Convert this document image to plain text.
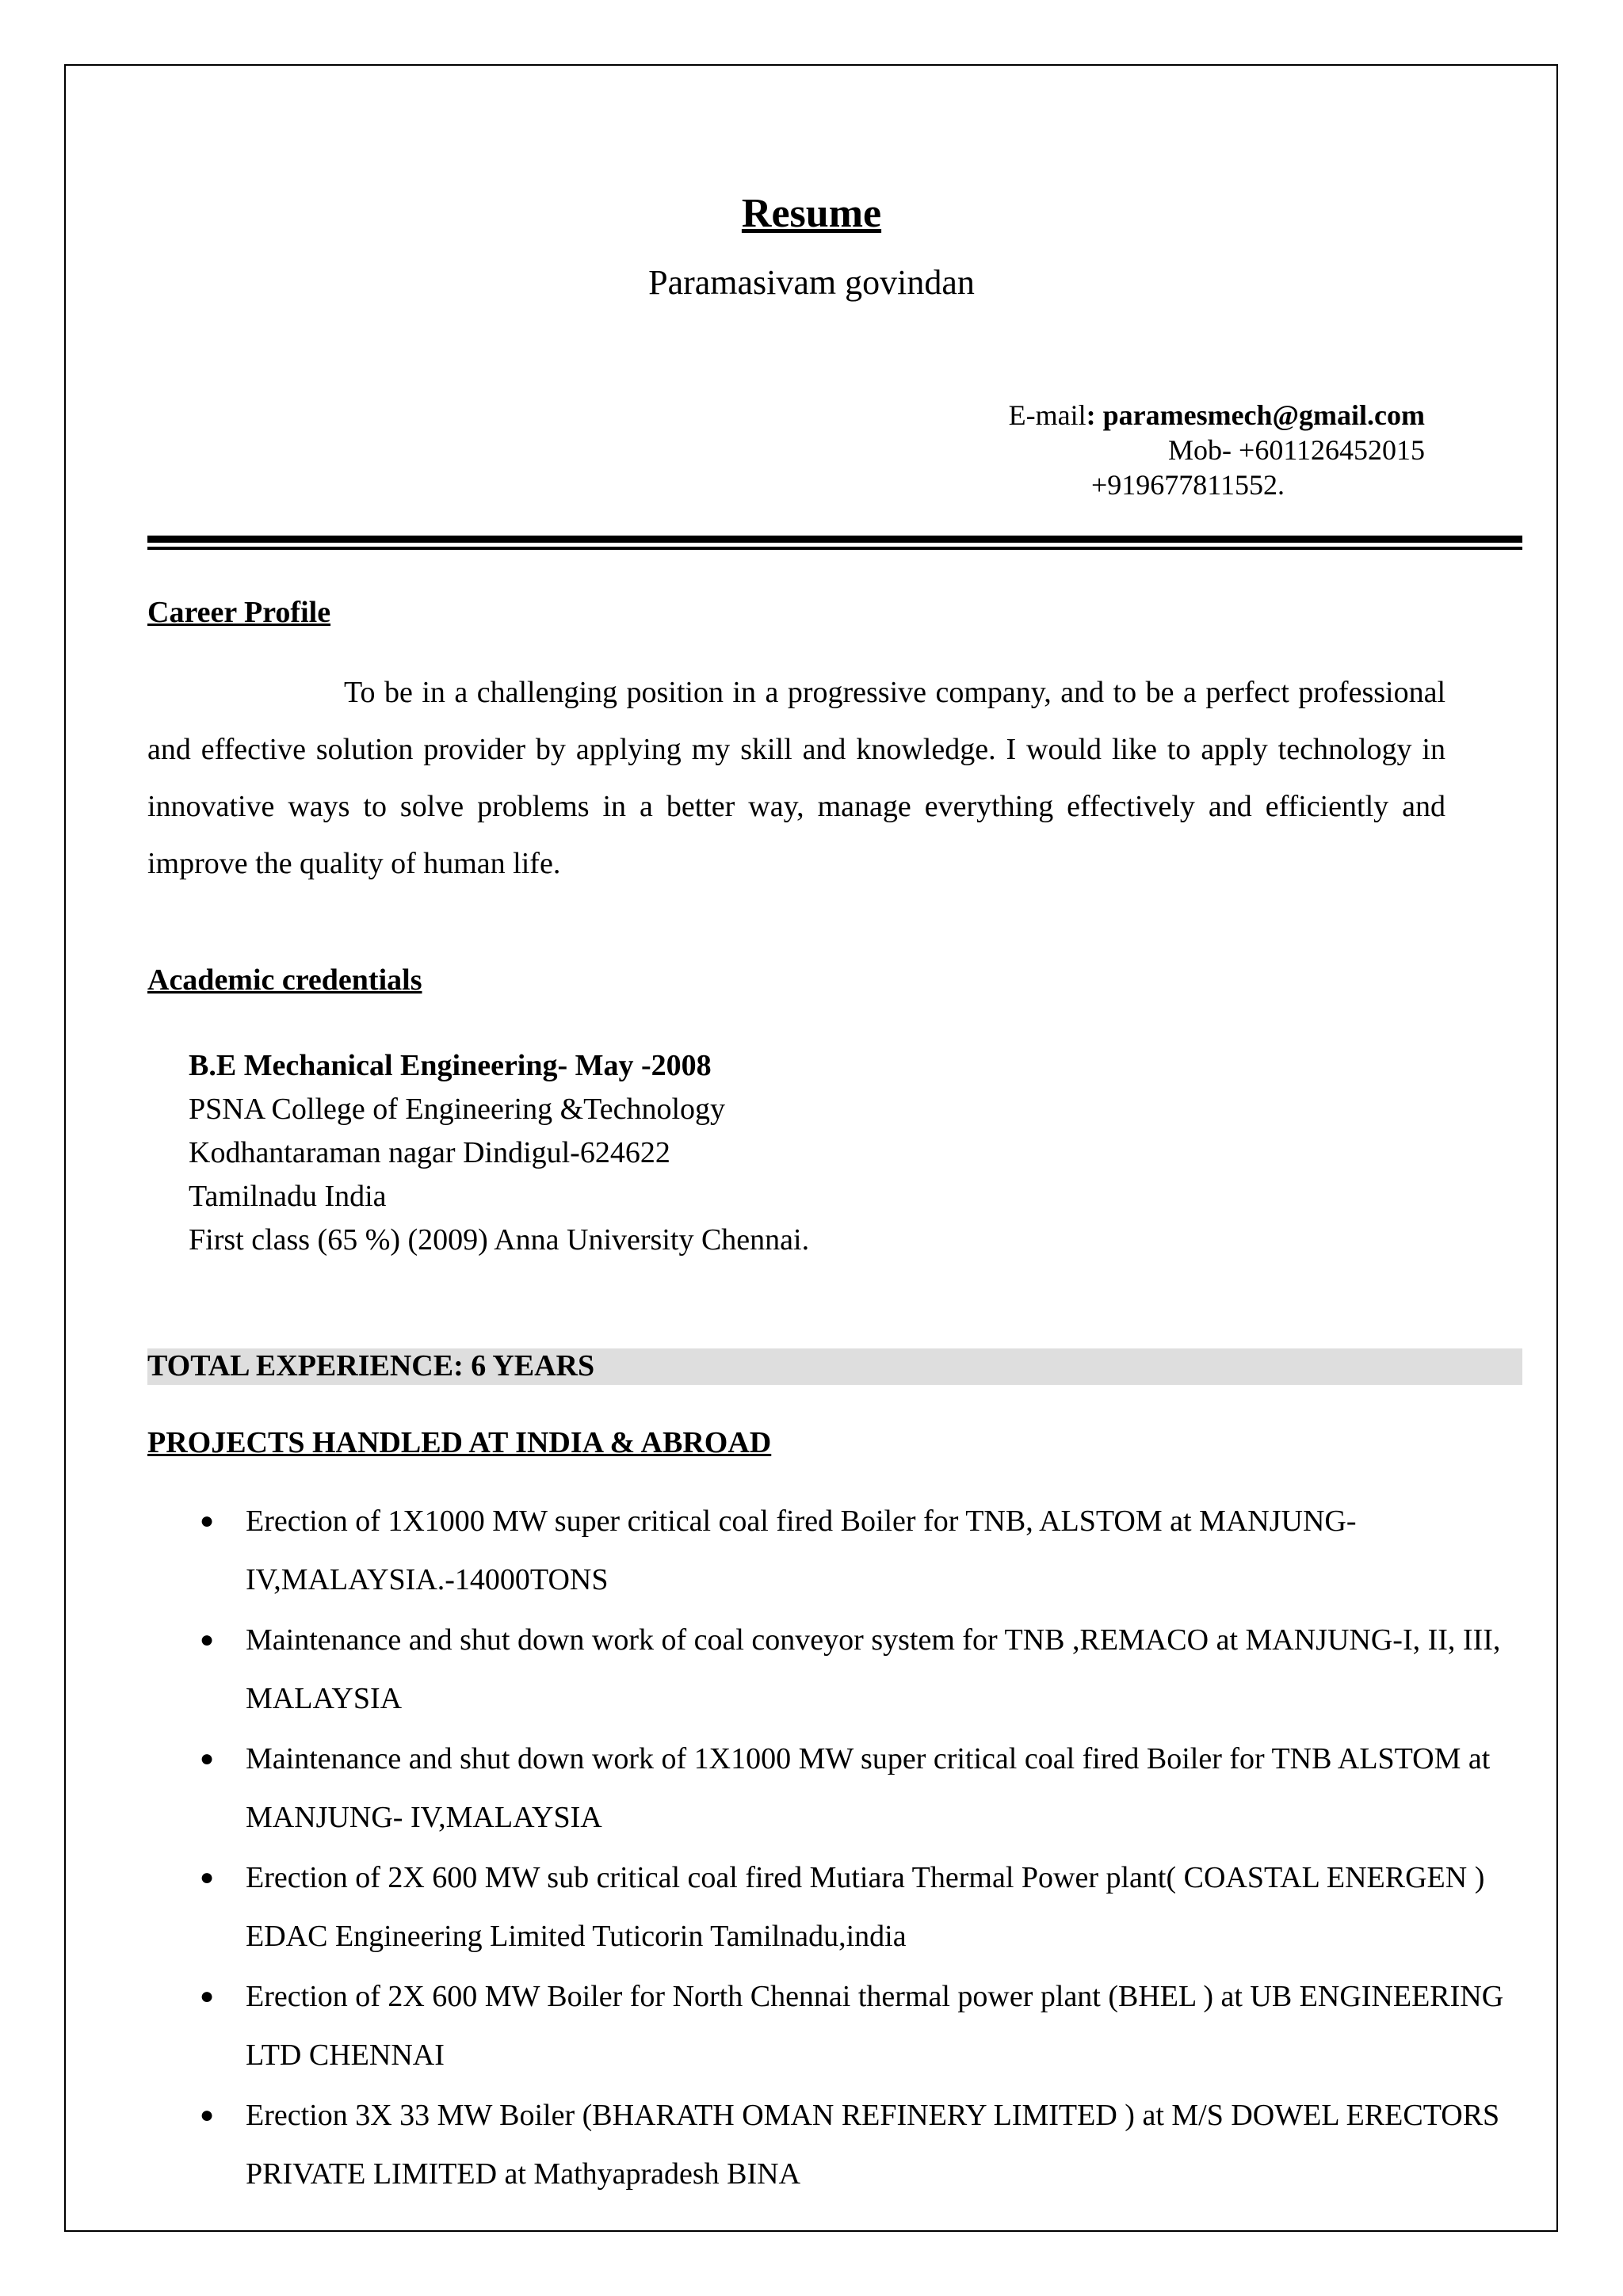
Resume
Paramasivam govindan
E-mail: paramesmech@gmail.com
Mob- +601126452015
+919677811552.
Career Profile

To be in a challenging position in a progressive company, and to be a perfect professional and effective solution provider by applying my skill and knowledge. I would like to apply technology in innovative ways to solve problems in a better way, manage everything effectively and efficiently and improve the quality of human life.

Academic credentials
B.E Mechanical Engineering- May -2008
PSNA College of Engineering &Technology
Kodhantaraman nagar Dindigul-624622
Tamilnadu India
First class (65 %) (2009) Anna University Chennai.
TOTAL EXPERIENCE: 6 YEARS
PROJECTS HANDLED AT INDIA & ABROAD
● Erection of 1X1000 MW super critical coal fired Boiler for TNB, ALSTOM at MANJUNG-IV,MALAYSIA.-14000TONS
● Maintenance and shut down work of coal conveyor system for TNB ,REMACO at MANJUNG-I, II, III, MALAYSIA
● Maintenance and shut down work of 1X1000 MW super critical coal fired Boiler for TNB ALSTOM at MANJUNG- IV,MALAYSIA
● Erection of 2X 600 MW sub critical coal fired Mutiara Thermal Power plant( COASTAL ENERGEN ) EDAC Engineering Limited Tuticorin Tamilnadu,india
● Erection of 2X 600 MW Boiler for North Chennai thermal power plant (BHEL ) at UB ENGINEERING LTD CHENNAI
● Erection 3X 33 MW Boiler (BHARATH OMAN REFINERY LIMITED ) at M/S DOWEL ERECTORS PRIVATE LIMITED at Mathyapradesh BINA
